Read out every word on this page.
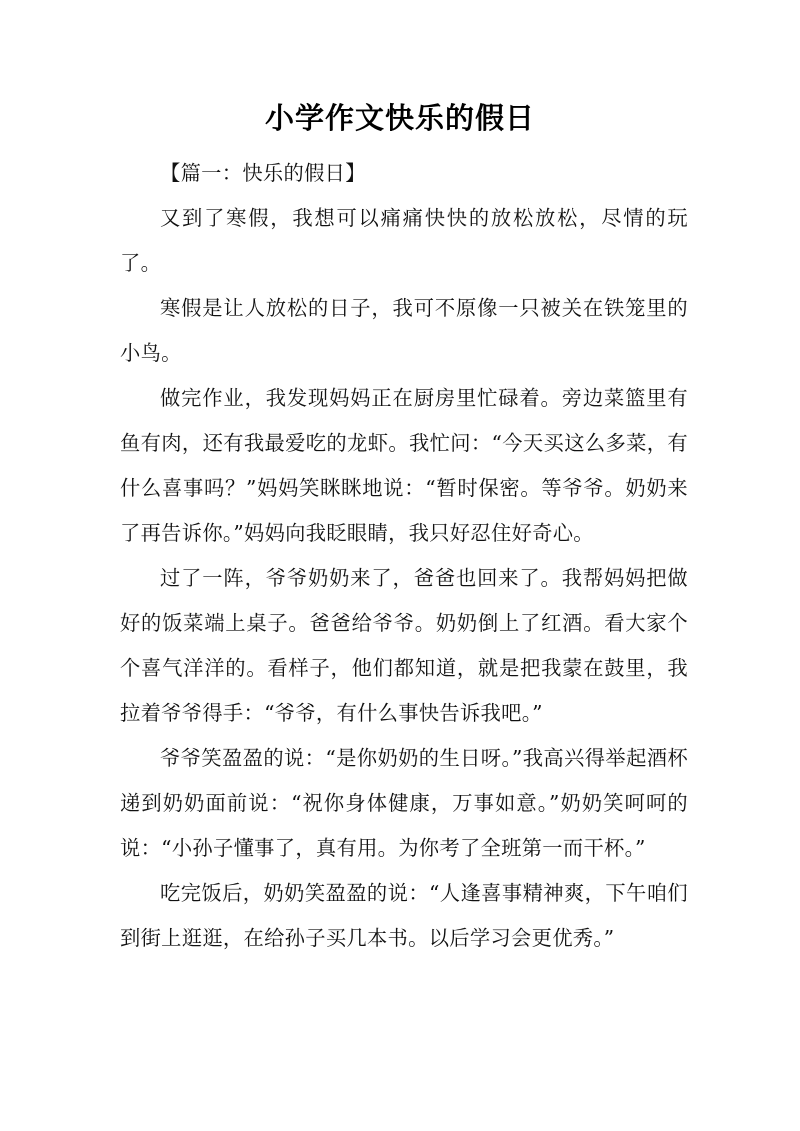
小学作文快乐的假日

【篇一：快乐的假日】

又到了寒假，我想可以痛痛快快的放松放松，尽情的玩了。

寒假是让人放松的日子，我可不原像一只被关在铁笼里的小鸟。

做完作业，我发现妈妈正在厨房里忙碌着。旁边菜篮里有鱼有肉，还有我最爱吃的龙虾。我忙问：“今天买这么多菜，有什么喜事吗？”妈妈笑眯眯地说：“暂时保密。等爷爷。奶奶来了再告诉你。”妈妈向我眨眼睛，我只好忍住好奇心。

过了一阵，爷爷奶奶来了，爸爸也回来了。我帮妈妈把做好的饭菜端上桌子。爸爸给爷爷。奶奶倒上了红酒。看大家个个喜气洋洋的。看样子，他们都知道，就是把我蒙在鼓里，我拉着爷爷得手：“爷爷，有什么事快告诉我吧。”

爷爷笑盈盈的说：“是你奶奶的生日呀。”我高兴得举起酒杯递到奶奶面前说：“祝你身体健康，万事如意。”奶奶笑呵呵的说：“小孙子懂事了，真有用。为你考了全班第一而干杯。”

吃完饭后，奶奶笑盈盈的说：“人逢喜事精神爽，下午咱们到街上逛逛，在给孙子买几本书。以后学习会更优秀。”
